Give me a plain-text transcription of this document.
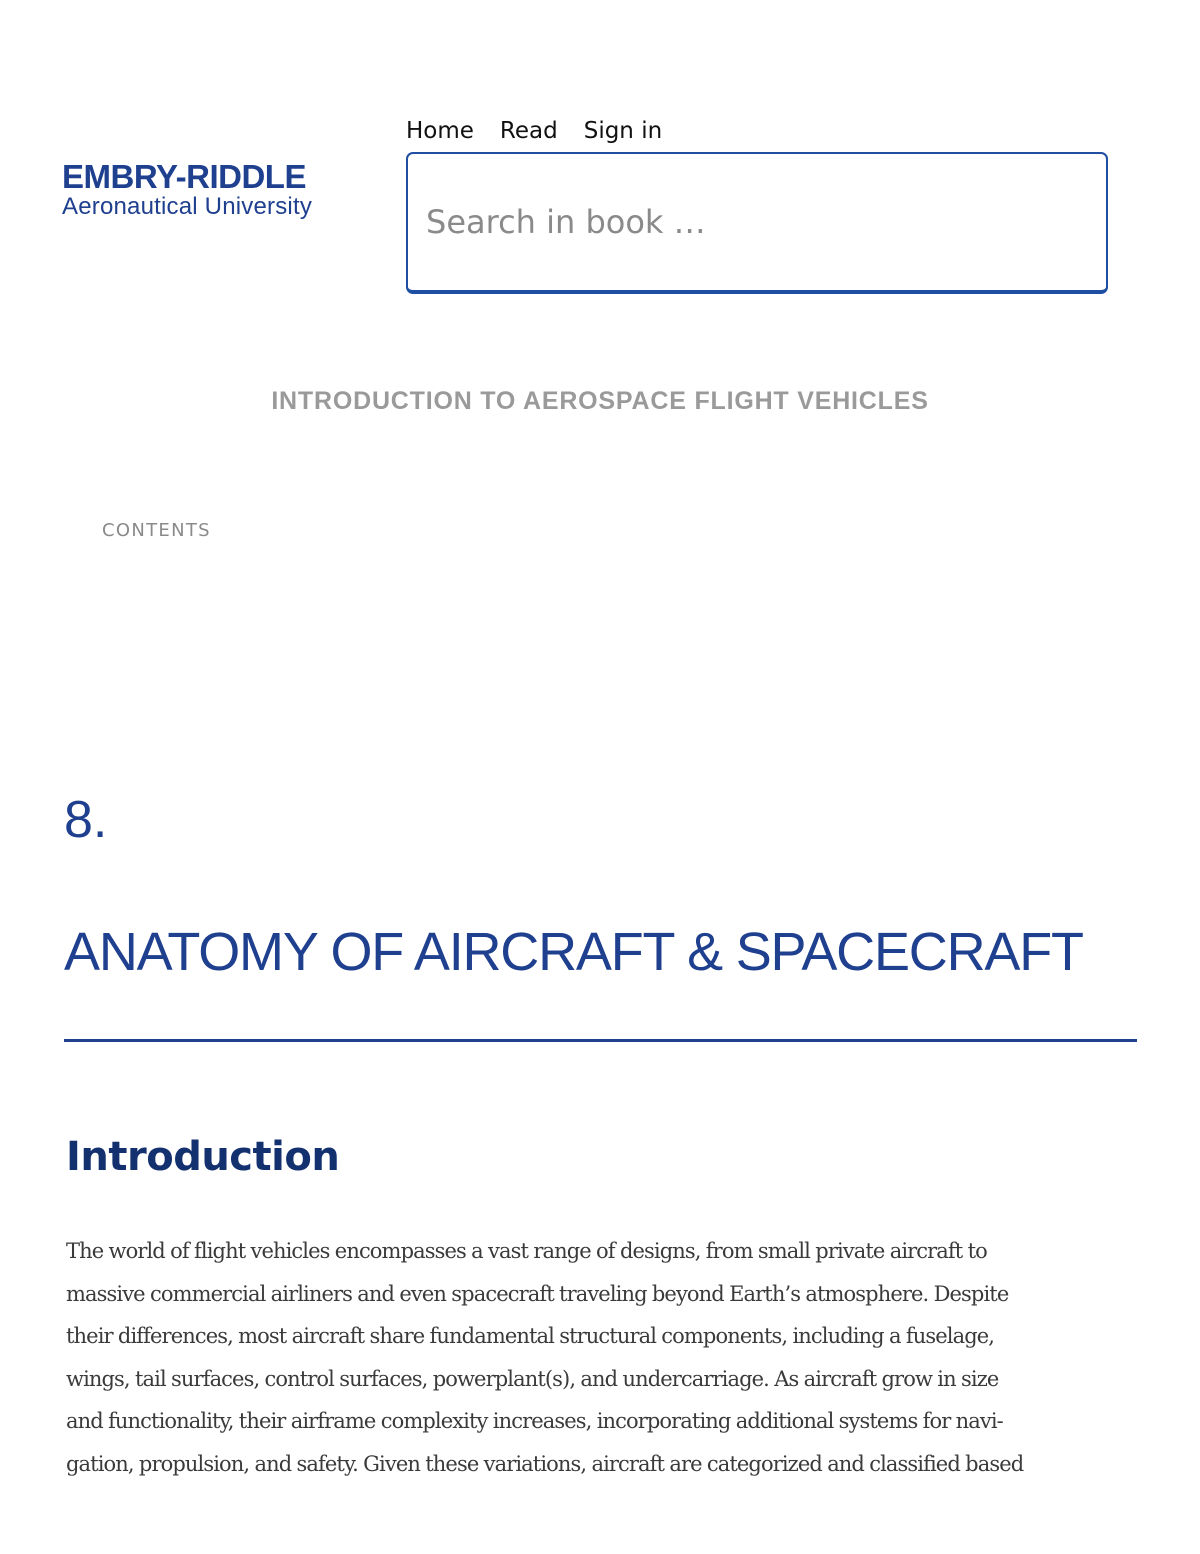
EMBRY-RIDDLE
Aeronautical University
Home Read Sign in
Search in book …
INTRODUCTION TO AEROSPACE FLIGHT VEHICLES
CONTENTS
8.
ANATOMY OF AIRCRAFT & SPACECRAFT
Introduction

The world of flight vehicles encompasses a vast range of designs, from small private aircraft to
massive commercial airliners and even spacecraft traveling beyond Earth’s atmosphere. Despite
their differences, most aircraft share fundamental structural components, including a fuselage,
wings, tail surfaces, control surfaces, powerplant(s), and undercarriage. As aircraft grow in size
and functionality, their airframe complexity increases, incorporating additional systems for navi-
gation, propulsion, and safety. Given these variations, aircraft are categorized and classified based
